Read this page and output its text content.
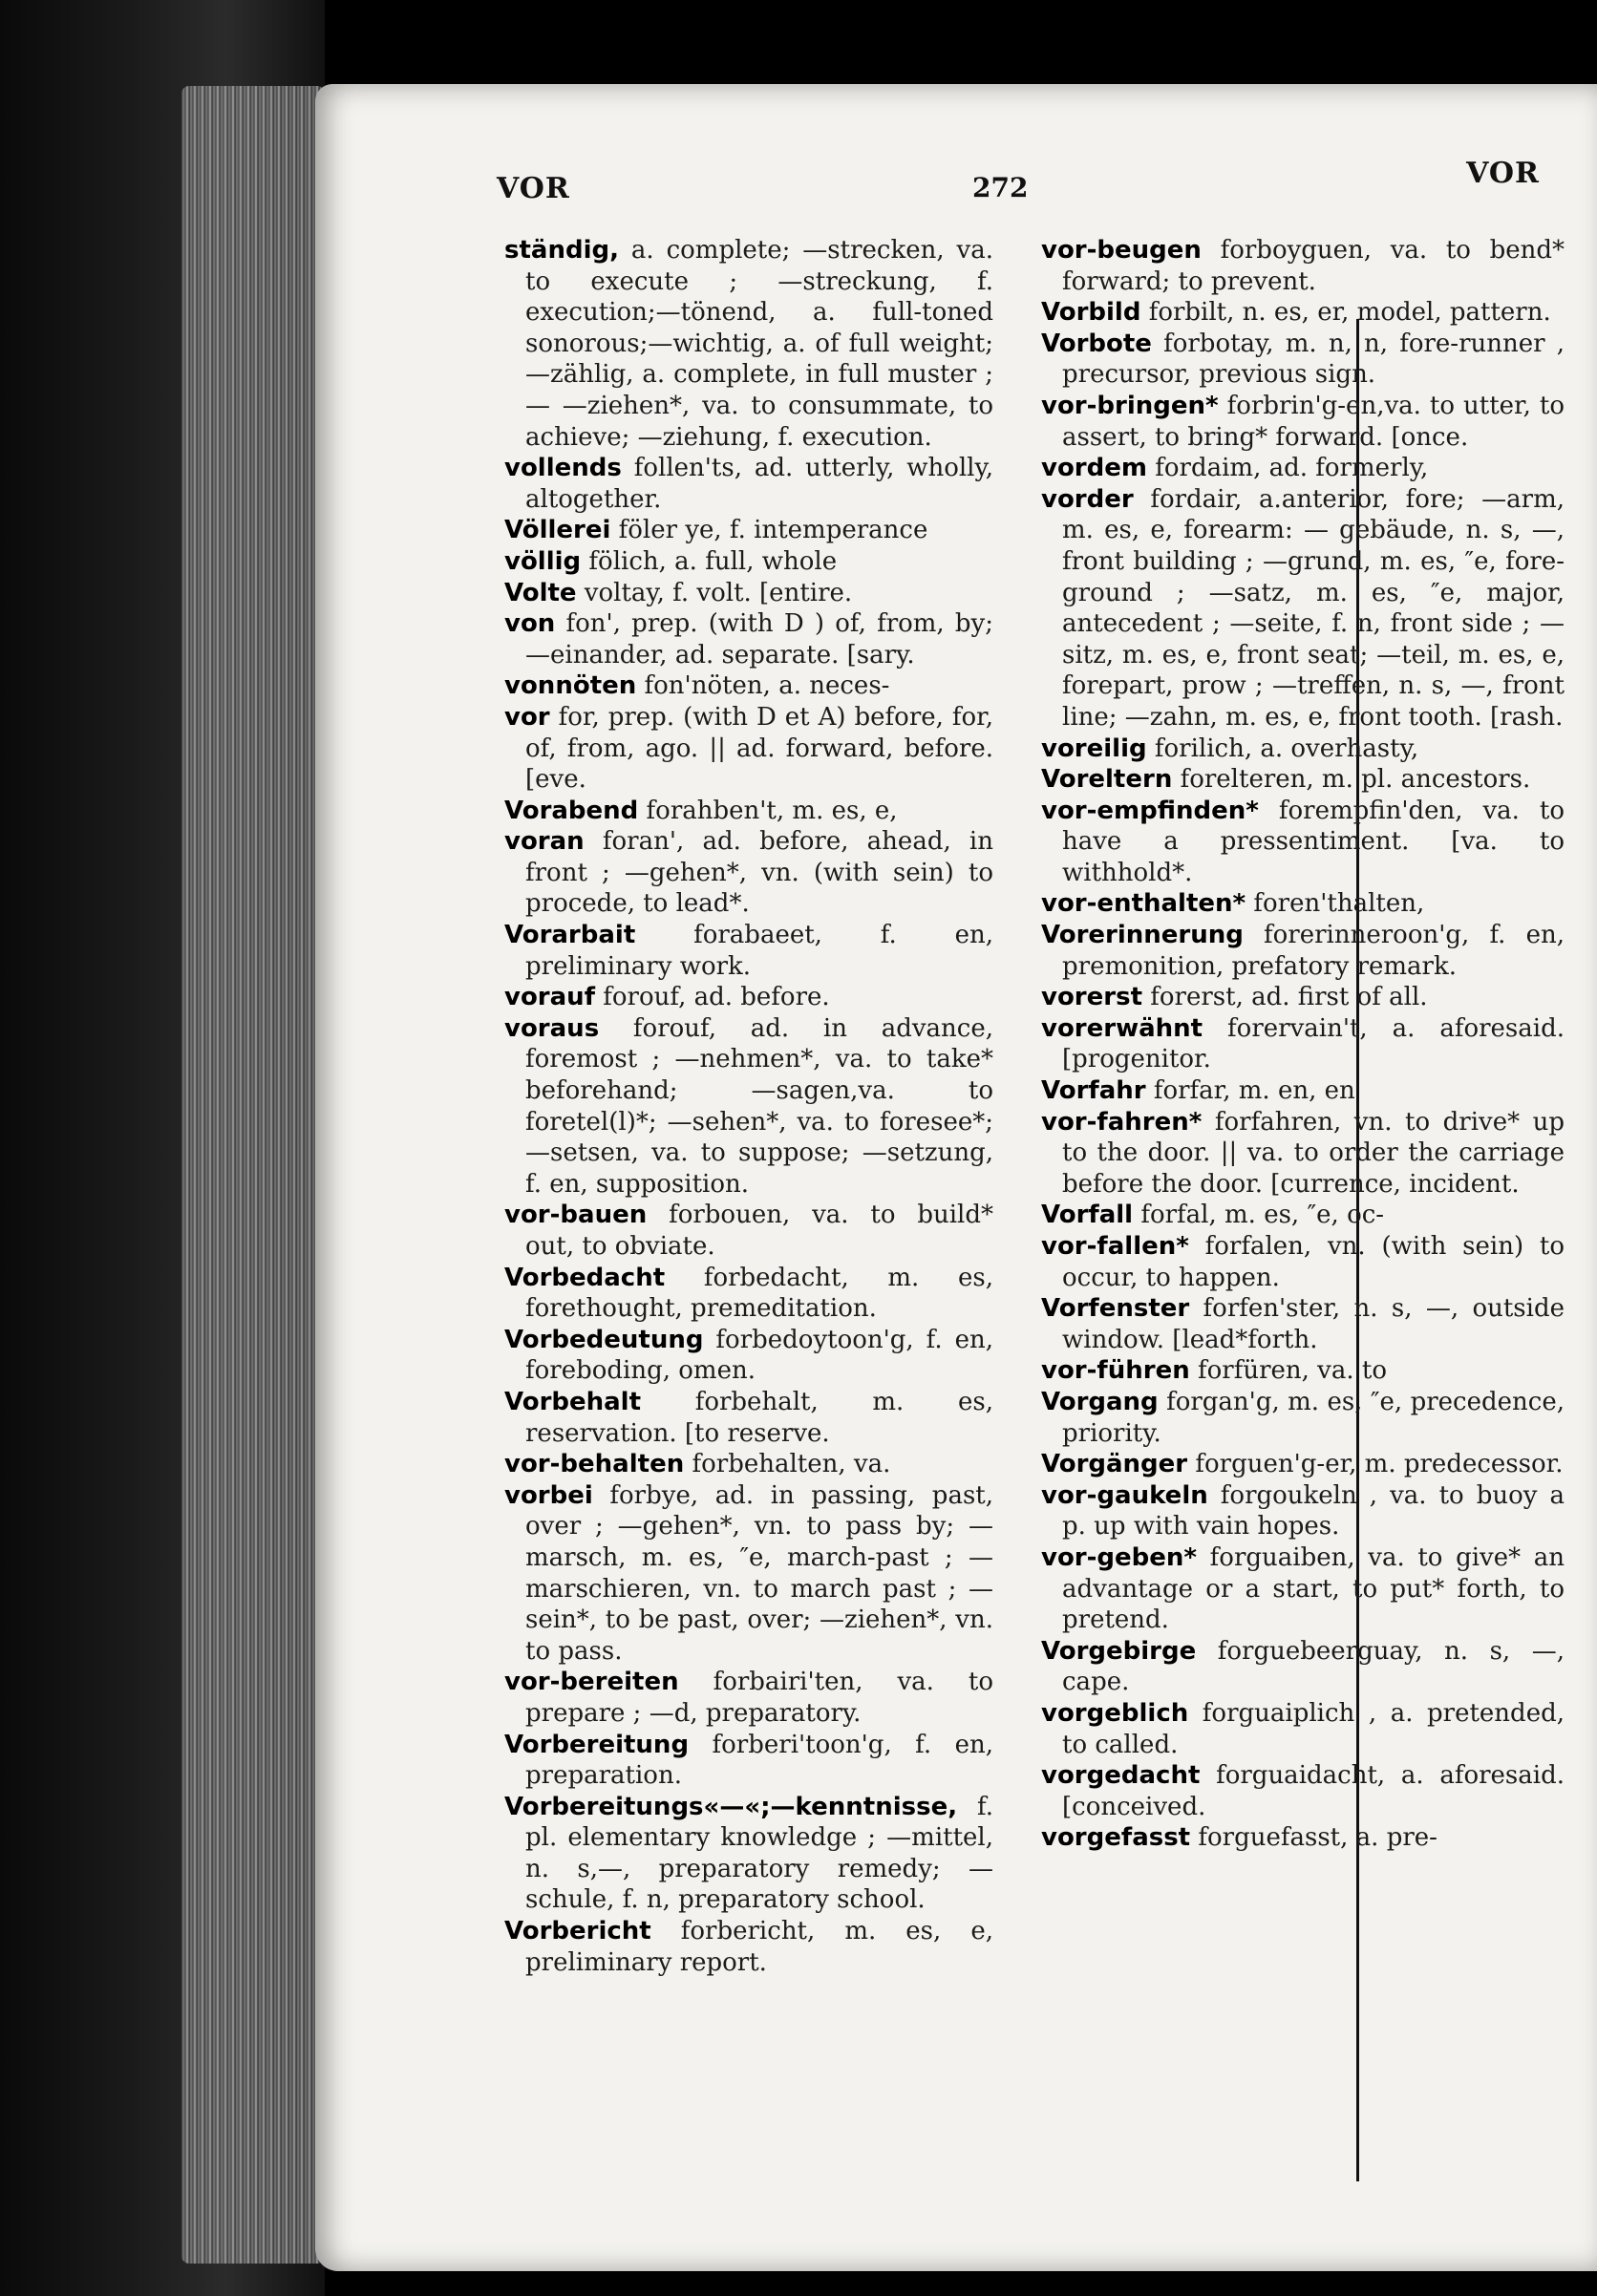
VOR	272	VOR

ständig, a. complete; —strecken, va. to execute ; —streckung, f. execution;—tönend, a. full-toned sonorous;—wichtig, a. of full weight;—zählig, a. complete, in full muster ; — —ziehen*, va. to consummate, to achieve; —ziehung, f. execution.

vollends follen'ts, ad. utterly, wholly, altogether.

Völlerei föler ye, f. intemperance

völlig fölich, a. full, whole

Volte voltay, f. volt. [entire.

von fon', prep. (with D ) of, from, by; —einander, ad. separate. [sary.

vonnöten fon'nöten, a. neces-

vor for, prep. (with D et A) before, for, of, from, ago. || ad. forward, before. [eve.

Vorabend forahben't, m. es, e,

voran foran', ad. before, ahead, in front ; —gehen*, vn. (with sein) to procede, to lead*.

Vorarbait forabaeet, f. en, preliminary work.

vorauf forouf, ad. before.

voraus forouf, ad. in advance, foremost ; —nehmen*, va. to take* beforehand; —sagen,va. to foretel(l)*; —sehen*, va. to foresee*; —setsen, va. to suppose; —setzung, f. en, supposition.

vor-bauen forbouen, va. to build* out, to obviate.

Vorbedacht forbedacht, m. es, forethought, premeditation.

Vorbedeutung forbedoytoon'g, f. en, foreboding, omen.

Vorbehalt forbehalt, m. es, reservation. [to reserve.

vor-behalten forbehalten, va.

vorbei forbye, ad. in passing, past, over ; —gehen*, vn. to pass by; —marsch, m. es, ″e, march-past ; —marschieren, vn. to march past ; —sein*, to be past, over; —ziehen*, vn. to pass.

vor-bereiten forbairi'ten, va. to prepare ; —d, preparatory.

Vorbereitung forberi'toon'g, f. en, preparation.

Vorbereitungs«—«;—kenntnisse, f. pl. elementary knowledge ; —mittel, n. s,—, preparatory remedy; —schule, f. n, preparatory school.

Vorbericht forbericht, m. es, e, preliminary report.

vor-beugen forboyguen, va. to bend* forward; to prevent.

Vorbild forbilt, n. es, er, model, pattern.

Vorbote forbotay, m. n, n, fore-runner , precursor, previous sign.

vor-bringen* forbrin'g-en,va. to utter, to assert, to bring* forward. [once.

vordem fordaim, ad. formerly,

vorder fordair, a.anterior, fore; —arm, m. es, e, forearm: — gebäude, n. s, —, front building ; —grund, m. es, ″e, fore-ground ; —satz, m. es, ″e, major, antecedent ; —seite, f. n, front side ; —sitz, m. es, e, front seat; —teil, m. es, e, forepart, prow ; —treffen, n. s, —, front line; —zahn, m. es, e, front tooth. [rash.

voreilig forilich, a. overhasty,

Voreltern forelteren, m. pl. ancestors.

vor-empfinden* forempfin'den, va. to have a pressentiment. [va. to withhold*.

vor-enthalten* foren'thalten,

Vorerinnerung forerinneroon'g, f. en, premonition, prefatory remark.

vorerst forerst, ad. first of all.

vorerwähnt forervain't, a. aforesaid. [progenitor.

Vorfahr forfar, m. en, en

vor-fahren* forfahren, vn. to drive* up to the door. || va. to order the carriage before the door. [currence, incident.

Vorfall forfal, m. es, ″e, oc-

vor-fallen* forfalen, vn. (with sein) to occur, to happen.

Vorfenster forfen'ster, n. s, —, outside window. [lead*forth.

vor-führen forfüren, va. to

Vorgang forgan'g, m. es, ″e, precedence, priority.

Vorgänger forguen'g-er, m. predecessor.

vor-gaukeln forgoukeln , va. to buoy a p. up with vain hopes.

vor-geben* forguaiben, va. to give* an advantage or a start, to put* forth, to pretend.

Vorgebirge forguebeerguay, n. s, —, cape.

vorgeblich forguaiplich , a. pretended, to called.

vorgedacht forguaidacht, a. aforesaid. [conceived.

vorgefasst forguefasst, a. pre-
